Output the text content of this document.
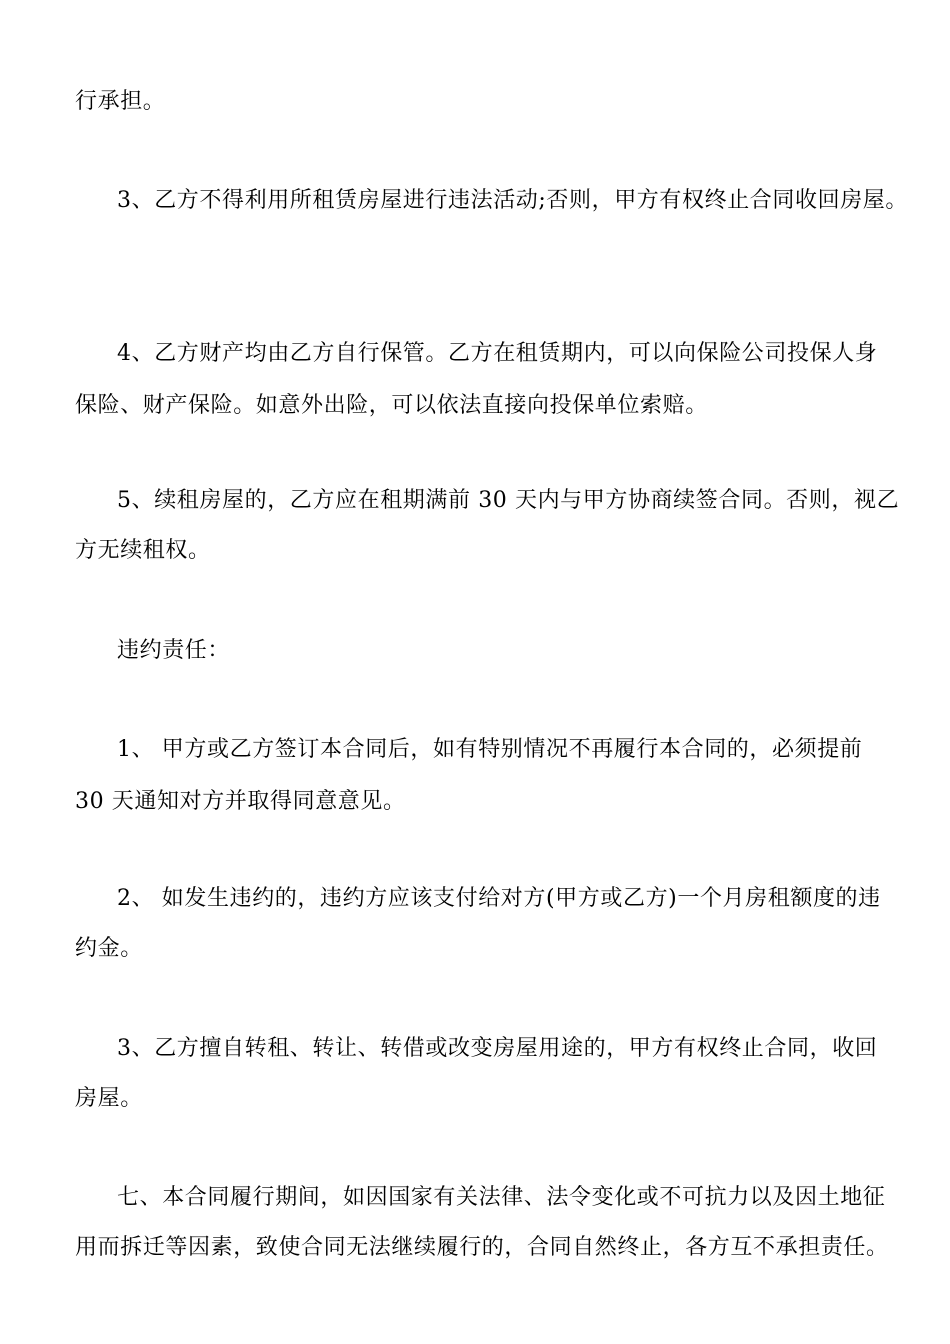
行承担。
3、乙方不得利用所租赁房屋进行违法活动;否则，甲方有权终止合同收回房屋。
4、乙方财产均由乙方自行保管。乙方在租赁期内，可以向保险公司投保人身
保险、财产保险。如意外出险，可以依法直接向投保单位索赔。
5、续租房屋的，乙方应在租期满前 30 天内与甲方协商续签合同。否则，视乙
方无续租权。
违约责任：
1、 甲方或乙方签订本合同后，如有特别情况不再履行本合同的，必须提前
30 天通知对方并取得同意意见。
2、 如发生违约的，违约方应该支付给对方(甲方或乙方)一个月房租额度的违
约金。
3、乙方擅自转租、转让、转借或改变房屋用途的，甲方有权终止合同，收回
房屋。
七、本合同履行期间，如因国家有关法律、法令变化或不可抗力以及因土地征
用而拆迁等因素，致使合同无法继续履行的，合同自然终止，各方互不承担责任。
